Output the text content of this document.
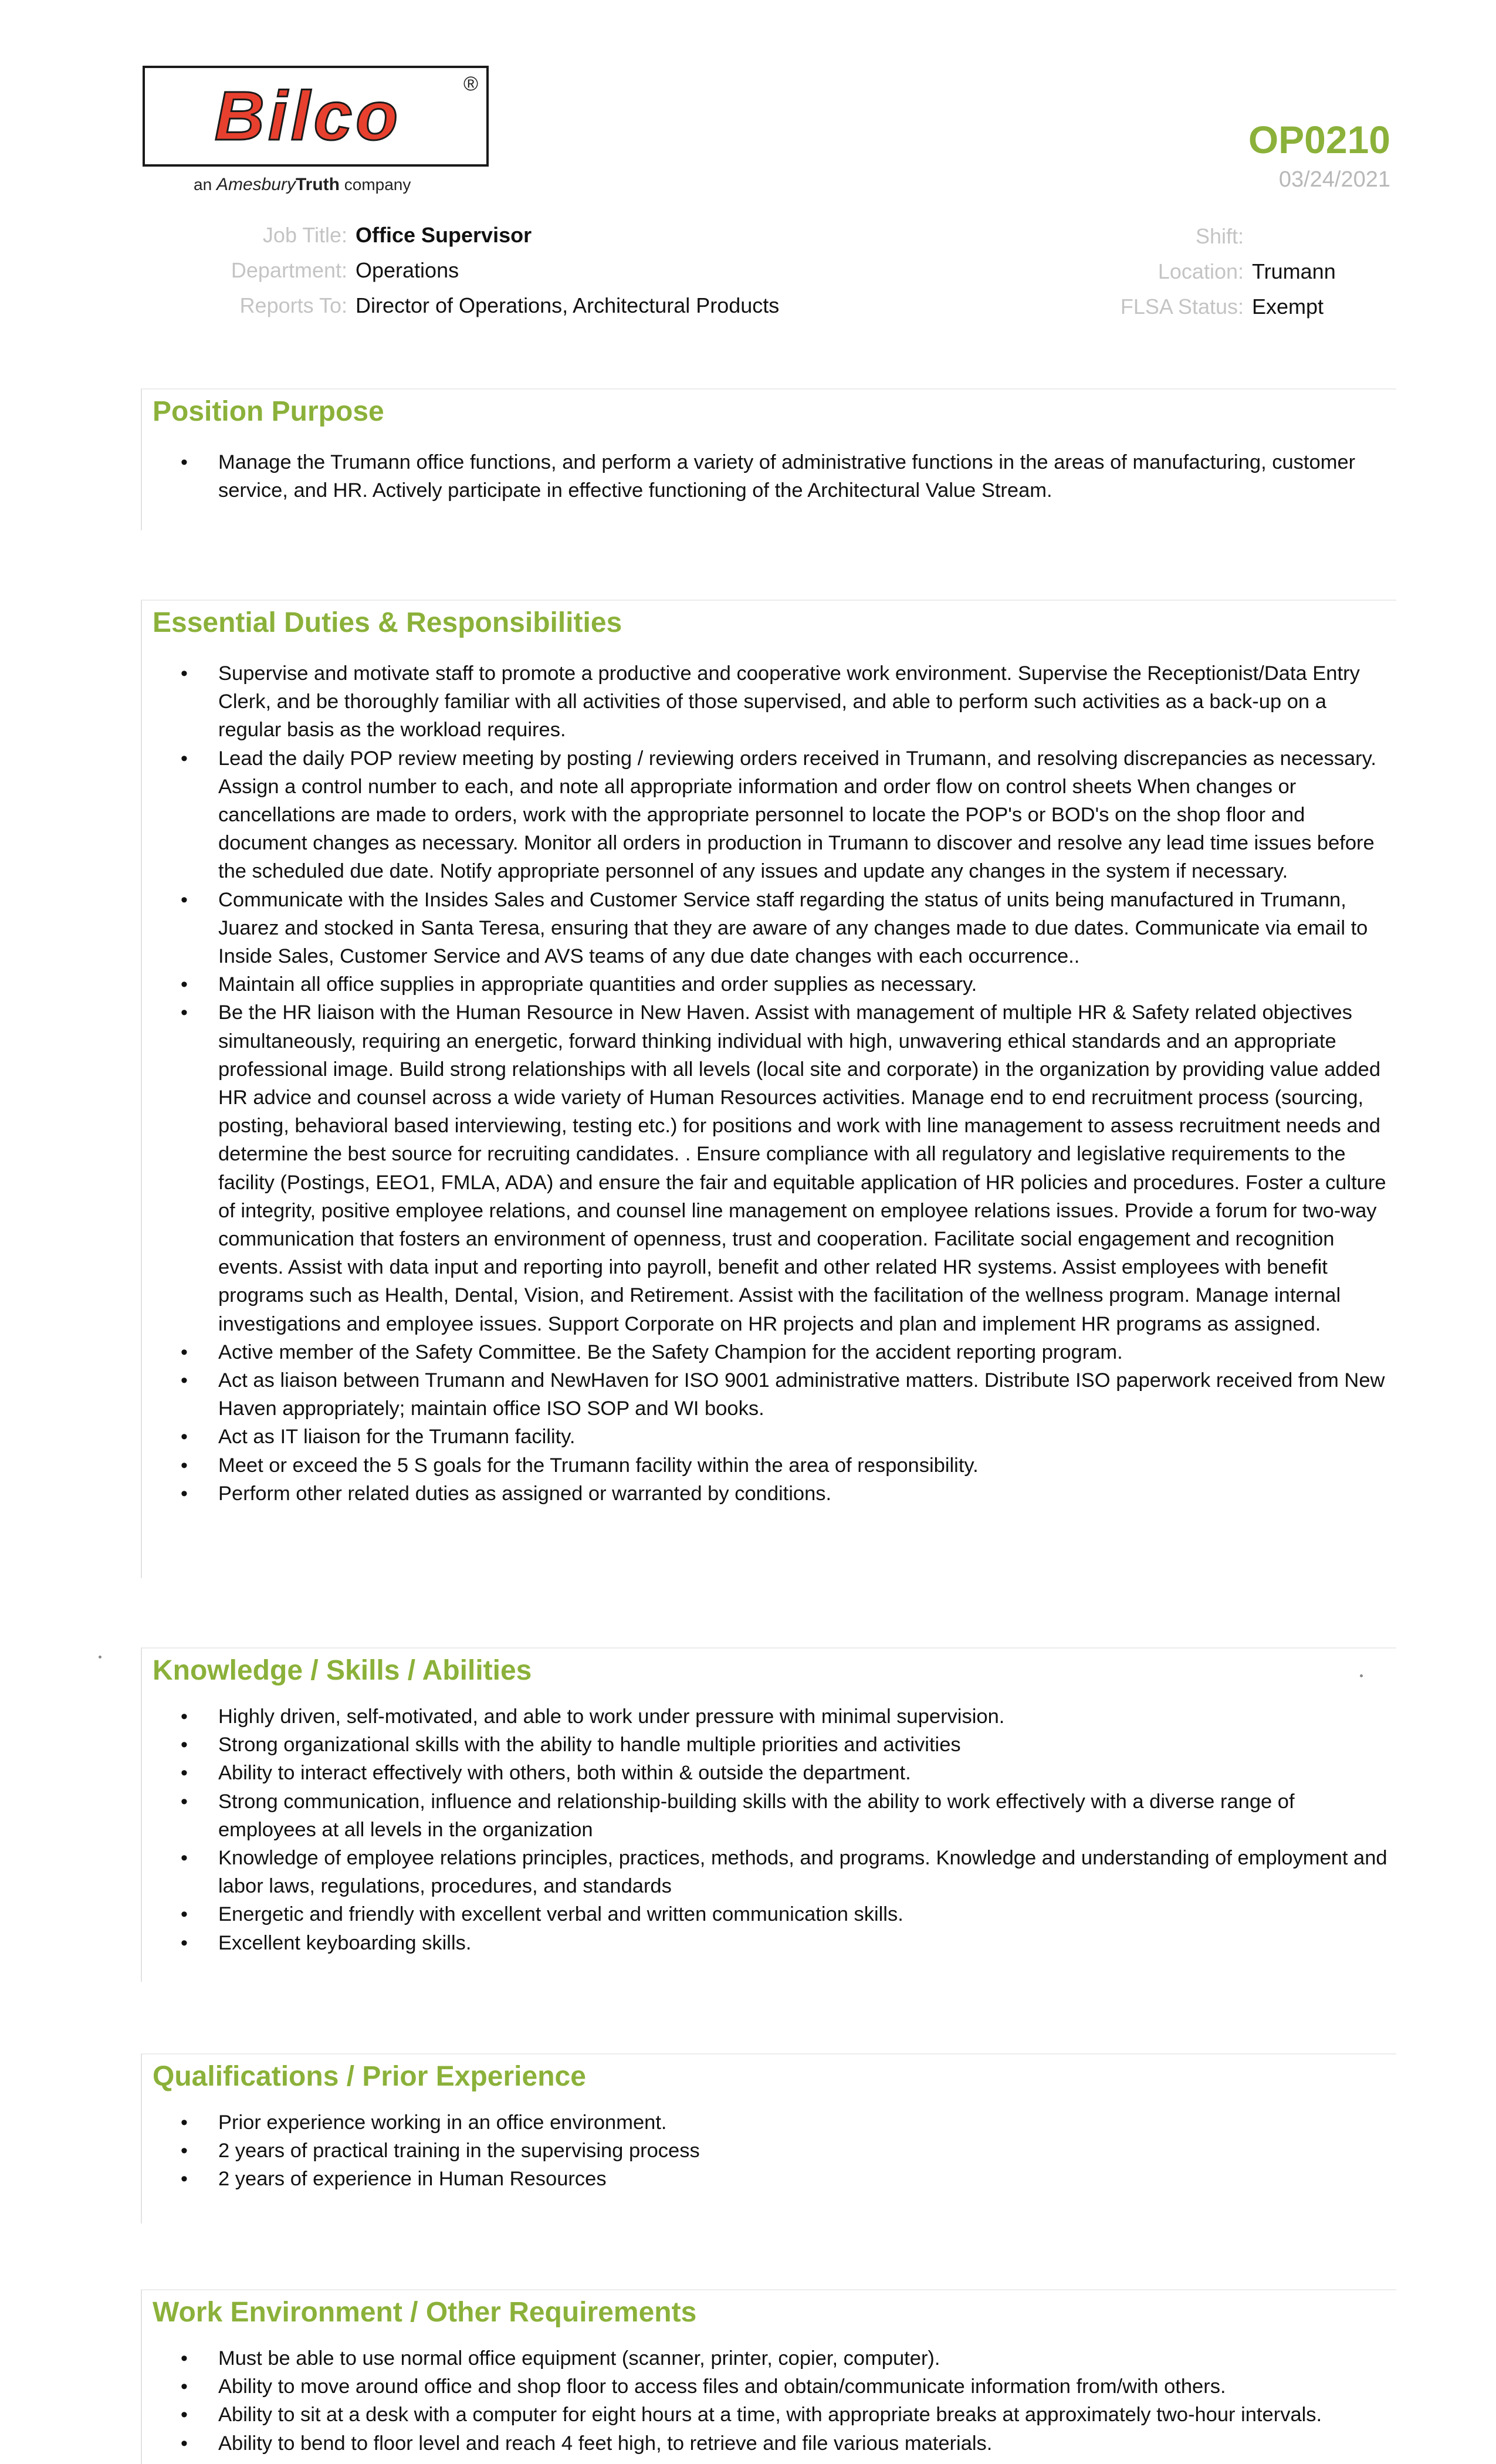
Bilco	®
an AmesburyTruth company
OP0210
03/24/2021
Job Title: Office Supervisor
Department: Operations
Reports To: Director of Operations, Architectural Products
Shift:
Location: Trumann
FLSA Status: Exempt
Position Purpose
• Manage the Trumann office functions, and perform a variety of administrative functions in the areas of manufacturing, customer service, and HR. Actively participate in effective functioning of the Architectural Value Stream.
Essential Duties & Responsibilities
• Supervise and motivate staff to promote a productive and cooperative work environment. Supervise the Receptionist/Data Entry Clerk, and be thoroughly familiar with all activities of those supervised, and able to perform such activities as a back-up on a regular basis as the workload requires.
• Lead the daily POP review meeting by posting / reviewing orders received in Trumann, and resolving discrepancies as necessary. Assign a control number to each, and note all appropriate information and order flow on control sheets When changes or cancellations are made to orders, work with the appropriate personnel to locate the POP's or BOD's on the shop floor and document changes as necessary. Monitor all orders in production in Trumann to discover and resolve any lead time issues before the scheduled due date. Notify appropriate personnel of any issues and update any changes in the system if necessary.
• Communicate with the Insides Sales and Customer Service staff regarding the status of units being manufactured in Trumann, Juarez and stocked in Santa Teresa, ensuring that they are aware of any changes made to due dates. Communicate via email to Inside Sales, Customer Service and AVS teams of any due date changes with each occurrence..
• Maintain all office supplies in appropriate quantities and order supplies as necessary.
• Be the HR liaison with the Human Resource in New Haven. Assist with management of multiple HR & Safety related objectives simultaneously, requiring an energetic, forward thinking individual with high, unwavering ethical standards and an appropriate professional image. Build strong relationships with all levels (local site and corporate) in the organization by providing value added HR advice and counsel across a wide variety of Human Resources activities. Manage end to end recruitment process (sourcing, posting, behavioral based interviewing, testing etc.) for positions and work with line management to assess recruitment needs and determine the best source for recruiting candidates. . Ensure compliance with all regulatory and legislative requirements to the facility (Postings, EEO1, FMLA, ADA) and ensure the fair and equitable application of HR policies and procedures. Foster a culture of integrity, positive employee relations, and counsel line management on employee relations issues. Provide a forum for two-way communication that fosters an environment of openness, trust and cooperation. Facilitate social engagement and recognition events. Assist with data input and reporting into payroll, benefit and other related HR systems. Assist employees with benefit programs such as Health, Dental, Vision, and Retirement. Assist with the facilitation of the wellness program. Manage internal investigations and employee issues. Support Corporate on HR projects and plan and implement HR programs as assigned.
• Active member of the Safety Committee. Be the Safety Champion for the accident reporting program.
• Act as liaison between Trumann and NewHaven for ISO 9001 administrative matters. Distribute ISO paperwork received from New Haven appropriately; maintain office ISO SOP and WI books.
• Act as IT liaison for the Trumann facility.
• Meet or exceed the 5 S goals for the Trumann facility within the area of responsibility.
• Perform other related duties as assigned or warranted by conditions.
Knowledge / Skills / Abilities
• Highly driven, self-motivated, and able to work under pressure with minimal supervision.
• Strong organizational skills with the ability to handle multiple priorities and activities
• Ability to interact effectively with others, both within & outside the department.
• Strong communication, influence and relationship-building skills with the ability to work effectively with a diverse range of employees at all levels in the organization
• Knowledge of employee relations principles, practices, methods, and programs. Knowledge and understanding of employment and labor laws, regulations, procedures, and standards
• Energetic and friendly with excellent verbal and written communication skills.
• Excellent keyboarding skills.
Qualifications / Prior Experience
• Prior experience working in an office environment.
• 2 years of practical training in the supervising process
• 2 years of experience in Human Resources
Work Environment / Other Requirements
• Must be able to use normal office equipment (scanner, printer, copier, computer).
• Ability to move around office and shop floor to access files and obtain/communicate information from/with others.
• Ability to sit at a desk with a computer for eight hours at a time, with appropriate breaks at approximately two-hour intervals.
• Ability to bend to floor level and reach 4 feet high, to retrieve and file various materials.
